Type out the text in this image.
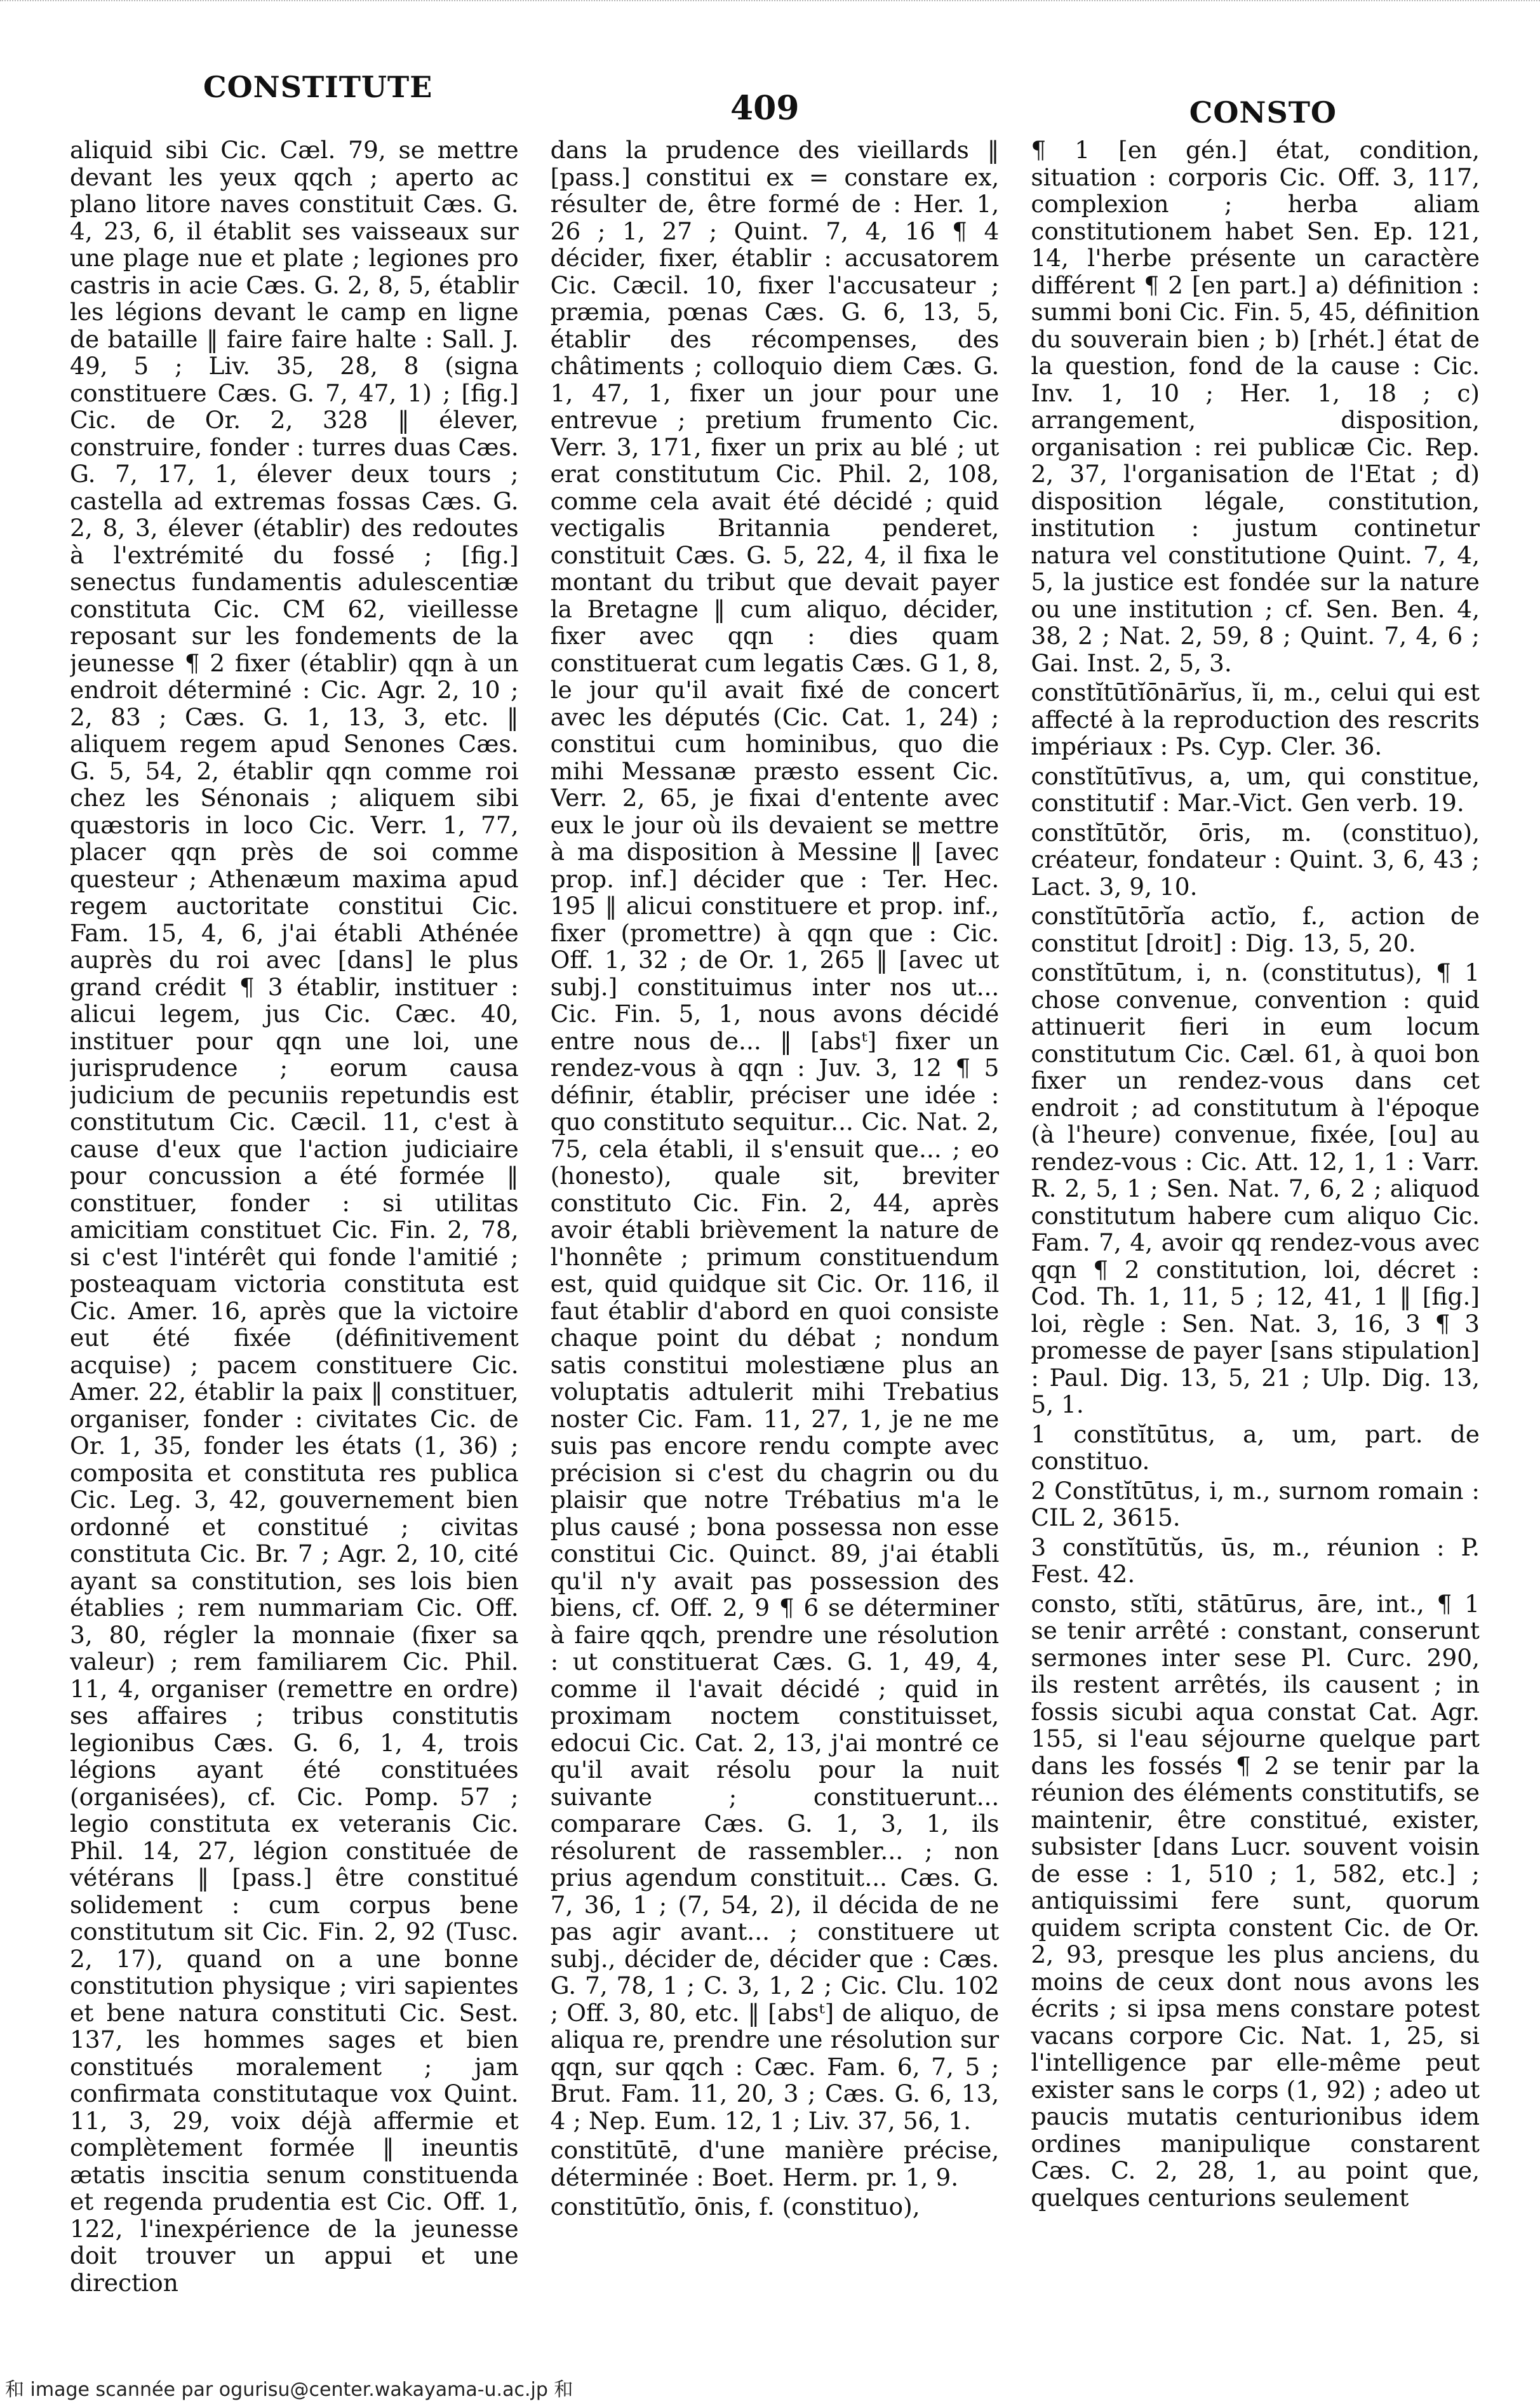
CONSTITUTE
409	CONSTO

aliquid sibi Cic. Cæl. 79, se mettre devant les yeux qqch ; aperto ac plano litore naves constituit Cæs. G. 4, 23, 6, il établit ses vaisseaux sur une plage nue et plate ; legiones pro castris in acie Cæs. G. 2, 8, 5, établir les légions devant le camp en ligne de bataille ‖ faire faire halte : Sall. J. 49, 5 ; Liv. 35, 28, 8 (signa constituere Cæs. G. 7, 47, 1) ; [fig.] Cic. de Or. 2, 328 ‖ élever, construire, fonder : turres duas Cæs. G. 7, 17, 1, élever deux tours ; castella ad extremas fossas Cæs. G. 2, 8, 3, élever (établir) des redoutes à l'extrémité du fossé ; [fig.] senectus fundamentis adulescentiæ constituta Cic. CM 62, vieillesse reposant sur les fondements de la jeunesse ¶ 2 fixer (établir) qqn à un endroit déterminé : Cic. Agr. 2, 10 ; 2, 83 ; Cæs. G. 1, 13, 3, etc. ‖ aliquem regem apud Senones Cæs. G. 5, 54, 2, établir qqn comme roi chez les Sénonais ; aliquem sibi quæstoris in loco Cic. Verr. 1, 77, placer qqn près de soi comme questeur ; Athenæum maxima apud regem auctoritate constitui Cic. Fam. 15, 4, 6, j'ai établi Athénée auprès du roi avec [dans] le plus grand crédit ¶ 3 établir, instituer : alicui legem, jus Cic. Cæc. 40, instituer pour qqn une loi, une jurisprudence ; eorum causa judicium de pecuniis repetundis est constitutum Cic. Cæcil. 11, c'est à cause d'eux que l'action judiciaire pour concussion a été formée ‖ constituer, fonder : si utilitas amicitiam constituet Cic. Fin. 2, 78, si c'est l'intérêt qui fonde l'amitié ; posteaquam victoria constituta est Cic. Amer. 16, après que la victoire eut été fixée (définitivement acquise) ; pacem constituere Cic. Amer. 22, établir la paix ‖ constituer, organiser, fonder : civitates Cic. de Or. 1, 35, fonder les états (1, 36) ; composita et constituta res publica Cic. Leg. 3, 42, gouvernement bien ordonné et constitué ; civitas constituta Cic. Br. 7 ; Agr. 2, 10, cité ayant sa constitution, ses lois bien établies ; rem nummariam Cic. Off. 3, 80, régler la monnaie (fixer sa valeur) ; rem familiarem Cic. Phil. 11, 4, organiser (remettre en ordre) ses affaires ; tribus constitutis legionibus Cæs. G. 6, 1, 4, trois légions ayant été constituées (organisées), cf. Cic. Pomp. 57 ; legio constituta ex veteranis Cic. Phil. 14, 27, légion constituée de vétérans ‖ [pass.] être constitué solidement : cum corpus bene constitutum sit Cic. Fin. 2, 92 (Tusc. 2, 17), quand on a une bonne constitution physique ; viri sapientes et bene natura constituti Cic. Sest. 137, les hommes sages et bien constitués moralement ; jam confirmata constitutaque vox Quint. 11, 3, 29, voix déjà affermie et complètement formée ‖ ineuntis ætatis inscitia senum constituenda et regenda prudentia est Cic. Off. 1, 122, l'inexpérience de la jeunesse doit trouver un appui et une direction

dans la prudence des vieillards ‖ [pass.] constitui ex = constare ex, résulter de, être formé de : Her. 1, 26 ; 1, 27 ; Quint. 7, 4, 16 ¶ 4 décider, fixer, établir : accusatorem Cic. Cæcil. 10, fixer l'accusateur ; præmia, pœnas Cæs. G. 6, 13, 5, établir des récompenses, des châtiments ; colloquio diem Cæs. G. 1, 47, 1, fixer un jour pour une entrevue ; pretium frumento Cic. Verr. 3, 171, fixer un prix au blé ; ut erat constitutum Cic. Phil. 2, 108, comme cela avait été décidé ; quid vectigalis Britannia penderet, constituit Cæs. G. 5, 22, 4, il fixa le montant du tribut que devait payer la Bretagne ‖ cum aliquo, décider, fixer avec qqn : dies quam constituerat cum legatis Cæs. G 1, 8, le jour qu'il avait fixé de concert avec les députés (Cic. Cat. 1, 24) ; constitui cum hominibus, quo die mihi Messanæ præsto essent Cic. Verr. 2, 65, je fixai d'entente avec eux le jour où ils devaient se mettre à ma disposition à Messine ‖ [avec prop. inf.] décider que : Ter. Hec. 195 ‖ alicui constituere et prop. inf., fixer (promettre) à qqn que : Cic. Off. 1, 32 ; de Or. 1, 265 ‖ [avec ut subj.] constituimus inter nos ut... Cic. Fin. 5, 1, nous avons décidé entre nous de... ‖ [absᵗ] fixer un rendez-vous à qqn : Juv. 3, 12 ¶ 5 définir, établir, préciser une idée : quo constituto sequitur... Cic. Nat. 2, 75, cela établi, il s'ensuit que... ; eo (honesto), quale sit, breviter constituto Cic. Fin. 2, 44, après avoir établi brièvement la nature de l'honnête ; primum constituendum est, quid quidque sit Cic. Or. 116, il faut établir d'abord en quoi consiste chaque point du débat ; nondum satis constitui molestiæne plus an voluptatis adtulerit mihi Trebatius noster Cic. Fam. 11, 27, 1, je ne me suis pas encore rendu compte avec précision si c'est du chagrin ou du plaisir que notre Trébatius m'a le plus causé ; bona possessa non esse constitui Cic. Quinct. 89, j'ai établi qu'il n'y avait pas possession des biens, cf. Off. 2, 9 ¶ 6 se déterminer à faire qqch, prendre une résolution : ut constituerat Cæs. G. 1, 49, 4, comme il l'avait décidé ; quid in proximam noctem constituisset, edocui Cic. Cat. 2, 13, j'ai montré ce qu'il avait résolu pour la nuit suivante ; constituerunt... comparare Cæs. G. 1, 3, 1, ils résolurent de rassembler... ; non prius agendum constituit... Cæs. G. 7, 36, 1 ; (7, 54, 2), il décida de ne pas agir avant... ; constituere ut subj., décider de, décider que : Cæs. G. 7, 78, 1 ; C. 3, 1, 2 ; Cic. Clu. 102 ; Off. 3, 80, etc. ‖ [absᵗ] de aliquo, de aliqua re, prendre une résolution sur qqn, sur qqch : Cæc. Fam. 6, 7, 5 ; Brut. Fam. 11, 20, 3 ; Cæs. G. 6, 13, 4 ; Nep. Eum. 12, 1 ; Liv. 37, 56, 1.

constitūtē, d'une manière précise, déterminée : Boet. Herm. pr. 1, 9.

constitūtĭo, ōnis, f. (constituo),

¶ 1 [en gén.] état, condition, situation : corporis Cic. Off. 3, 117, complexion ; herba aliam constitutionem habet Sen. Ep. 121, 14, l'herbe présente un caractère différent ¶ 2 [en part.] a) définition : summi boni Cic. Fin. 5, 45, définition du souverain bien ; b) [rhét.] état de la question, fond de la cause : Cic. Inv. 1, 10 ; Her. 1, 18 ; c) arrangement, disposition, organisation : rei publicæ Cic. Rep. 2, 37, l'organisation de l'Etat ; d) disposition légale, constitution, institution : justum continetur natura vel constitutione Quint. 7, 4, 5, la justice est fondée sur la nature ou une institution ; cf. Sen. Ben. 4, 38, 2 ; Nat. 2, 59, 8 ; Quint. 7, 4, 6 ; Gai. Inst. 2, 5, 3.

constĭtūtĭōnārĭus, ĭi, m., celui qui est affecté à la reproduction des rescrits impériaux : Ps. Cyp. Cler. 36.

constĭtūtīvus, a, um, qui constitue, constitutif : Mar.-Vict. Gen verb. 19.

constĭtūtŏr, ōris, m. (constituo), créateur, fondateur : Quint. 3, 6, 43 ; Lact. 3, 9, 10.

constĭtūtōrĭa actĭo, f., action de constitut [droit] : Dig. 13, 5, 20.

constĭtūtum, i, n. (constitutus), ¶ 1 chose convenue, convention : quid attinuerit fieri in eum locum constitutum Cic. Cæl. 61, à quoi bon fixer un rendez-vous dans cet endroit ; ad constitutum à l'époque (à l'heure) convenue, fixée, [ou] au rendez-vous : Cic. Att. 12, 1, 1 : Varr. R. 2, 5, 1 ; Sen. Nat. 7, 6, 2 ; aliquod constitutum habere cum aliquo Cic. Fam. 7, 4, avoir qq rendez-vous avec qqn ¶ 2 constitution, loi, décret : Cod. Th. 1, 11, 5 ; 12, 41, 1 ‖ [fig.] loi, règle : Sen. Nat. 3, 16, 3 ¶ 3 promesse de payer [sans stipulation] : Paul. Dig. 13, 5, 21 ; Ulp. Dig. 13, 5, 1.

1 constĭtūtus, a, um, part. de constituo.

2 Constĭtūtus, i, m., surnom romain : CIL 2, 3615.

3 constĭtūtŭs, ūs, m., réunion : P. Fest. 42.

consto, stĭti, stātūrus, āre, int., ¶ 1 se tenir arrêté : constant, conserunt sermones inter sese Pl. Curc. 290, ils restent arrêtés, ils causent ; in fossis sicubi aqua constat Cat. Agr. 155, si l'eau séjourne quelque part dans les fossés ¶ 2 se tenir par la réunion des éléments constitutifs, se maintenir, être constitué, exister, subsister [dans Lucr. souvent voisin de esse : 1, 510 ; 1, 582, etc.] ; antiquissimi fere sunt, quorum quidem scripta constent Cic. de Or. 2, 93, presque les plus anciens, du moins de ceux dont nous avons les écrits ; si ipsa mens constare potest vacans corpore Cic. Nat. 1, 25, si l'intelligence par elle-même peut exister sans le corps (1, 92) ; adeo ut paucis mutatis centurionibus idem ordines manipulique constarent Cæs. C. 2, 28, 1, au point que, quelques centurions seulement

和 image scannée par ogurisu@center.wakayama-u.ac.jp 和
